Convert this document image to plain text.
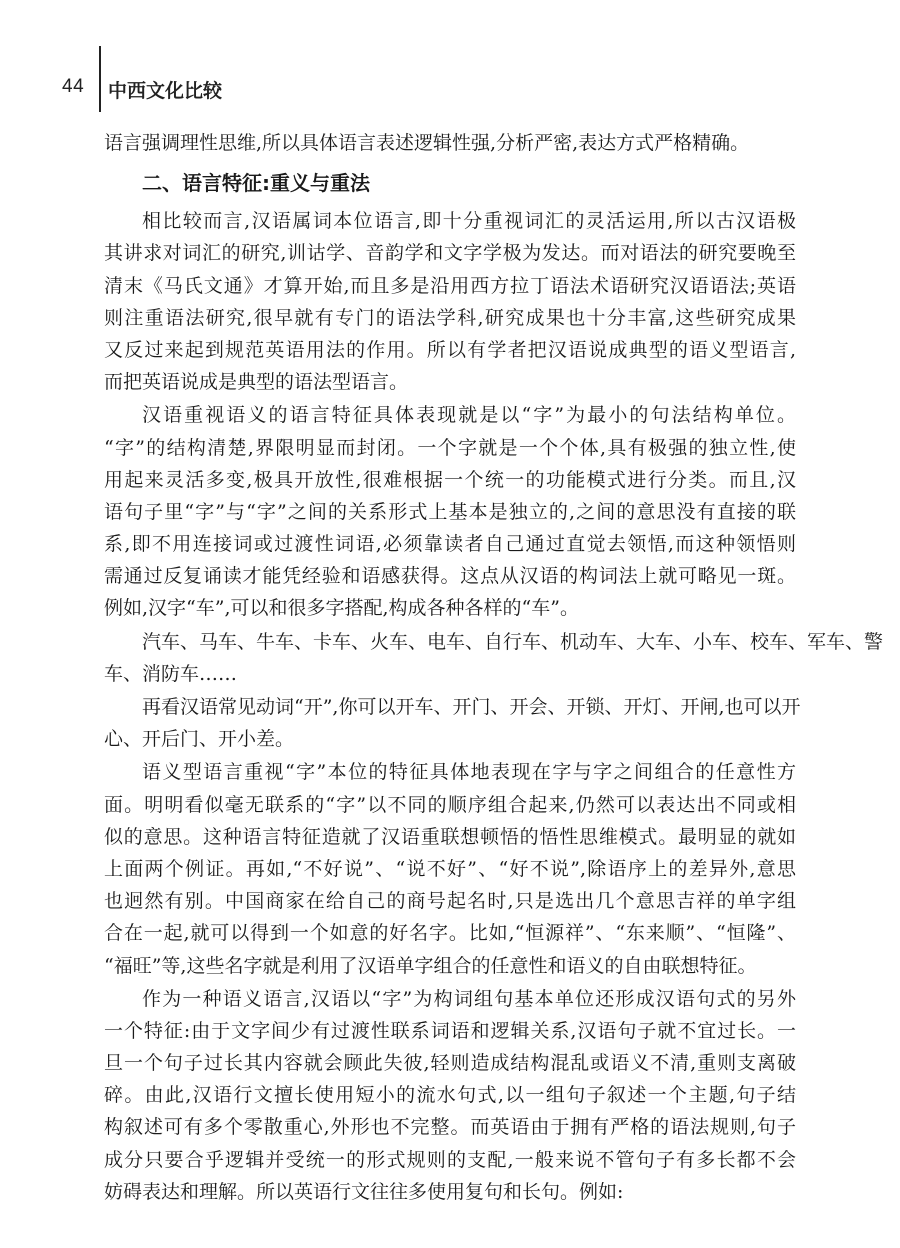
44 中西文化比较
语言强调理性思维,所以具体语言表述逻辑性强,分析严密,表达方式严格精确。
二、语言特征:重义与重法
相比较而言,汉语属词本位语言,即十分重视词汇的灵活运用,所以古汉语极
其讲求对词汇的研究,训诂学、音韵学和文字学极为发达。而对语法的研究要晚至
清末《马氏文通》才算开始,而且多是沿用西方拉丁语法术语研究汉语语法;英语
则注重语法研究,很早就有专门的语法学科,研究成果也十分丰富,这些研究成果
又反过来起到规范英语用法的作用。所以有学者把汉语说成典型的语义型语言,
而把英语说成是典型的语法型语言。
汉语重视语义的语言特征具体表现就是以“字”为最小的句法结构单位。
“字”的结构清楚,界限明显而封闭。一个字就是一个个体,具有极强的独立性,使
用起来灵活多变,极具开放性,很难根据一个统一的功能模式进行分类。而且,汉
语句子里“字”与“字”之间的关系形式上基本是独立的,之间的意思没有直接的联
系,即不用连接词或过渡性词语,必须靠读者自己通过直觉去领悟,而这种领悟则
需通过反复诵读才能凭经验和语感获得。这点从汉语的构词法上就可略见一斑。
例如,汉字“车”,可以和很多字搭配,构成各种各样的“车”。
汽车、马车、牛车、卡车、火车、电车、自行车、机动车、大车、小车、校车、军车、警
车、消防车……
再看汉语常见动词“开”,你可以开车、开门、开会、开锁、开灯、开闸,也可以开
心、开后门、开小差。
语义型语言重视“字”本位的特征具体地表现在字与字之间组合的任意性方
面。明明看似毫无联系的“字”以不同的顺序组合起来,仍然可以表达出不同或相
似的意思。这种语言特征造就了汉语重联想顿悟的悟性思维模式。最明显的就如
上面两个例证。再如,“不好说”、“说不好”、“好不说”,除语序上的差异外,意思
也迥然有别。中国商家在给自己的商号起名时,只是选出几个意思吉祥的单字组
合在一起,就可以得到一个如意的好名字。比如,“恒源祥”、“东来顺”、“恒隆”、
“福旺”等,这些名字就是利用了汉语单字组合的任意性和语义的自由联想特征。
作为一种语义语言,汉语以“字”为构词组句基本单位还形成汉语句式的另外
一个特征:由于文字间少有过渡性联系词语和逻辑关系,汉语句子就不宜过长。一
旦一个句子过长其内容就会顾此失彼,轻则造成结构混乱或语义不清,重则支离破
碎。由此,汉语行文擅长使用短小的流水句式,以一组句子叙述一个主题,句子结
构叙述可有多个零散重心,外形也不完整。而英语由于拥有严格的语法规则,句子
成分只要合乎逻辑并受统一的形式规则的支配,一般来说不管句子有多长都不会
妨碍表达和理解。所以英语行文往往多使用复句和长句。例如:
